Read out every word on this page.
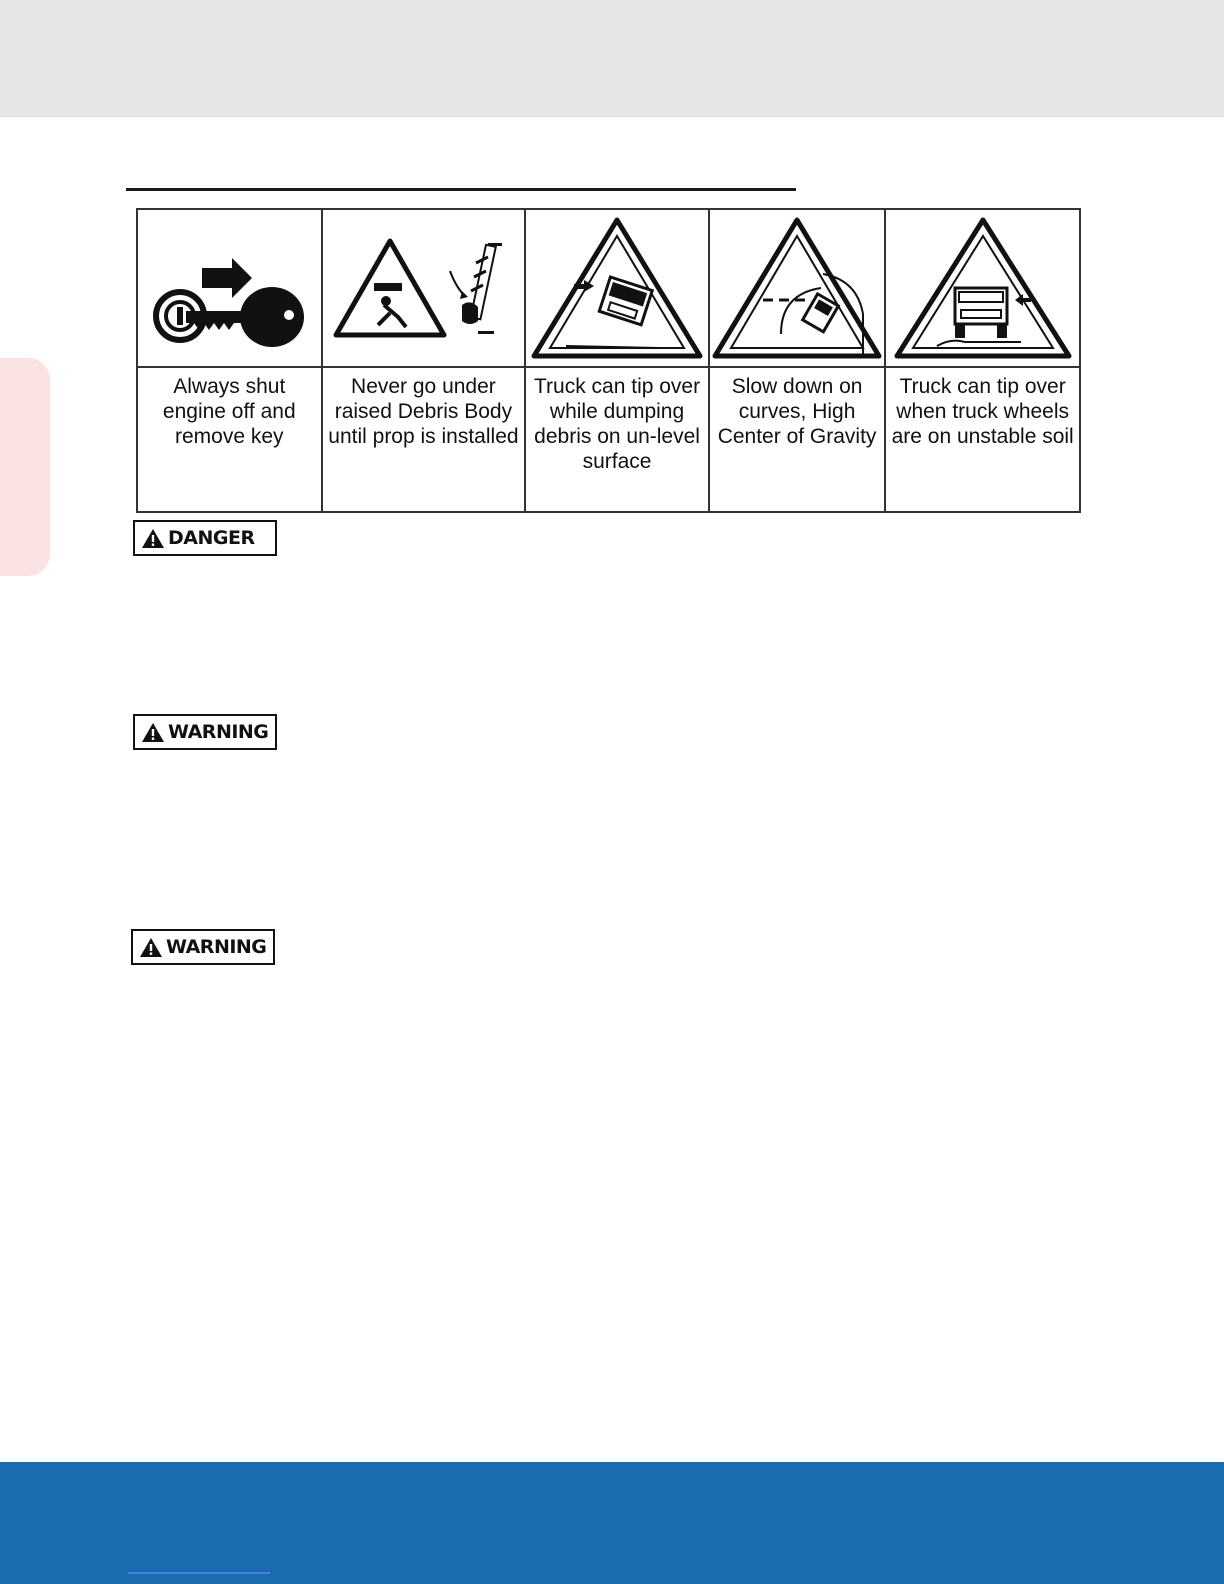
Always shut engine off and remove key	Never go under raised Debris Body until prop is installed	Truck can tip over while dumping debris on un-level surface	Slow down on curves, High Center of Gravity	Truck can tip over when truck wheels are on unstable soil
DANGER
WARNING
WARNING
